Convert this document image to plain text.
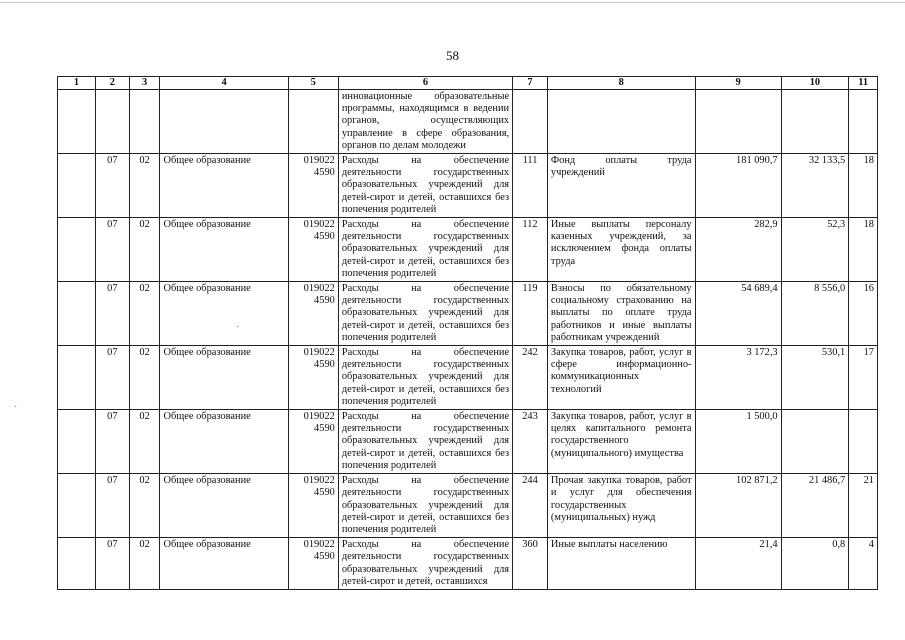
58
1	2	3	4	5	6	7	8	9	10	11
					инновационные образовательные программы, находящимся в ведении органов, осуществляющих управление в сфере образования, органов по делам молодежи					
	07	02	Общее образование	019022 4590	Расходы на обеспечение деятельности государственных образовательных учреждений для детей-сирот и детей, оставшихся без попечения родителей	111	Фонд оплаты труда учреждений	181 090,7	32 133,5	18
	07	02	Общее образование	019022 4590	Расходы на обеспечение деятельности государственных образовательных учреждений для детей-сирот и детей, оставшихся без попечения родителей	112	Иные выплаты персоналу казенных учреждений, за исключением фонда оплаты труда	282,9	52,3	18
	07	02	Общее образование	019022 4590	Расходы на обеспечение деятельности государственных образовательных учреждений для детей-сирот и детей, оставшихся без попечения родителей	119	Взносы по обязательному социальному страхованию на выплаты по оплате труда работников и иные выплаты работникам учреждений	54 689,4	8 556,0	16
	07	02	Общее образование	019022 4590	Расходы на обеспечение деятельности государственных образовательных учреждений для детей-сирот и детей, оставшихся без попечения родителей	242	Закупка товаров, работ, услуг в сфере информационно-коммуникационных технологий	3 172,3	530,1	17
	07	02	Общее образование	019022 4590	Расходы на обеспечение деятельности государственных образовательных учреждений для детей-сирот и детей, оставшихся без попечения родителей	243	Закупка товаров, работ, услуг в целях капитального ремонта государственного (муниципального) имущества	1 500,0		
	07	02	Общее образование	019022 4590	Расходы на обеспечение деятельности государственных образовательных учреждений для детей-сирот и детей, оставшихся без попечения родителей	244	Прочая закупка товаров, работ и услуг для обеспечения государственных (муниципальных) нужд	102 871,2	21 486,7	21
	07	02	Общее образование	019022 4590	Расходы на обеспечение деятельности государственных образовательных учреждений для детей-сирот и детей, оставшихся	360	Иные выплаты населению	21,4	0,8	4
·
·
